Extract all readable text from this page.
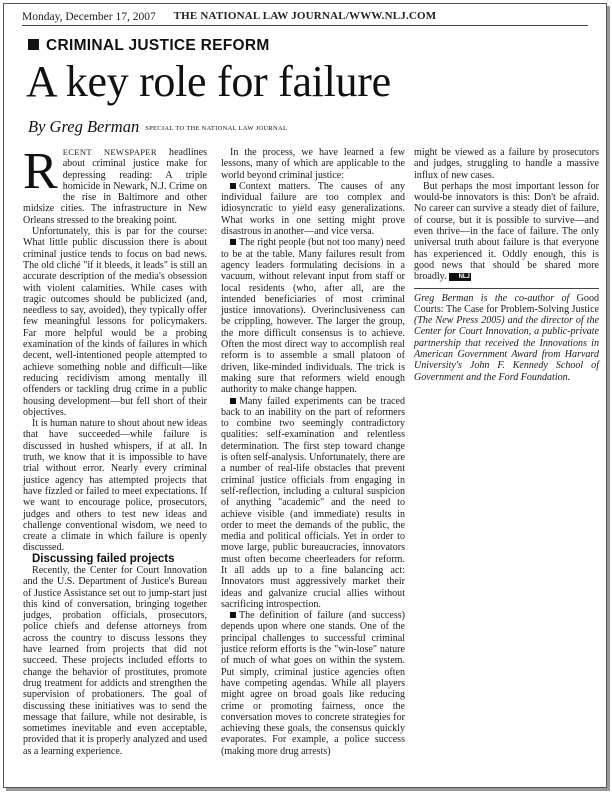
Monday, December 17, 2007	THE NATIONAL LAW JOURNAL/WWW.NLJ.COM
CRIMINAL JUSTICE REFORM
A key role for failure
By Greg Berman SPECIAL TO THE NATIONAL LAW JOURNAL

RECENT NEWSPAPER headlines about criminal justice make for depressing reading: A triple homicide in Newark, N.J. Crime on the rise in Baltimore and other midsize cities. The infrastructure in New Orleans stressed to the breaking point.

Unfortunately, this is par for the course: What little public discussion there is about criminal justice tends to focus on bad news. The old cliché "if it bleeds, it leads" is still an accurate description of the media's obsession with violent calamities. While cases with tragic outcomes should be publicized (and, needless to say, avoided), they typically offer few meaningful lessons for policymakers. Far more helpful would be a probing examination of the kinds of failures in which decent, well-intentioned people attempted to achieve something noble and difficult—like reducing recidivism among mentally ill offenders or tackling drug crime in a public housing development—but fell short of their objectives.

It is human nature to shout about new ideas that have succeeded—while failure is discussed in hushed whispers, if at all. In truth, we know that it is impossible to have trial without error. Nearly every criminal justice agency has attempted projects that have fizzled or failed to meet expectations. If we want to encourage police, prosecutors, judges and others to test new ideas and challenge conventional wisdom, we need to create a climate in which failure is openly discussed.

Discussing failed projects

Recently, the Center for Court Innovation and the U.S. Department of Justice's Bureau of Justice Assistance set out to jump-start just this kind of conversation, bringing together judges, probation officials, prosecutors, police chiefs and defense attorneys from across the country to discuss lessons they have learned from projects that did not succeed. These projects included efforts to change the behavior of prostitutes, promote drug treatment for addicts and strengthen the supervision of probationers. The goal of discussing these initiatives was to send the message that failure, while not desirable, is sometimes inevitable and even acceptable, provided that it is properly analyzed and used as a learning experience.

In the process, we have learned a few lessons, many of which are applicable to the world beyond criminal justice:

Context matters. The causes of any individual failure are too complex and idiosyncratic to yield easy generalizations. What works in one setting might prove disastrous in another—and vice versa.

The right people (but not too many) need to be at the table. Many failures result from agency leaders formulating decisions in a vacuum, without relevant input from staff or local residents (who, after all, are the intended beneficiaries of most criminal justice innovations). Overinclusiveness can be crippling, however. The larger the group, the more difficult consensus is to achieve. Often the most direct way to accomplish real reform is to assemble a small platoon of driven, like-minded individuals. The trick is making sure that reformers wield enough authority to make change happen.

Many failed experiments can be traced back to an inability on the part of reformers to combine two seemingly contradictory qualities: self-examination and relentless determination. The first step toward change is often self-analysis. Unfortunately, there are a number of real-life obstacles that prevent criminal justice officials from engaging in self-reflection, including a cultural suspicion of anything "academic" and the need to achieve visible (and immediate) results in order to meet the demands of the public, the media and political officials. Yet in order to move large, public bureaucracies, innovators must often become cheerleaders for reform. It all adds up to a fine balancing act: Innovators must aggressively market their ideas and galvanize crucial allies without sacrificing introspection.

The definition of failure (and success) depends upon where one stands. One of the principal challenges to successful criminal justice reform efforts is the "win-lose" nature of much of what goes on within the system. Put simply, criminal justice agencies often have competing agendas. While all players might agree on broad goals like reducing crime or promoting fairness, once the conversation moves to concrete strategies for achieving these goals, the consensus quickly evaporates. For example, a police success (making more drug arrests)

might be viewed as a failure by prosecutors and judges, struggling to handle a massive influx of new cases.

But perhaps the most important lesson for would-be innovators is this: Don't be afraid. No career can survive a steady diet of failure, of course, but it is possible to survive—and even thrive—in the face of failure. The only universal truth about failure is that everyone has experienced it. Oddly enough, this is good news that should be shared more broadly. NLJ

Greg Berman is the co-author of Good Courts: The Case for Problem-Solving Justice (The New Press 2005) and the director of the Center for Court Innovation, a public-private partnership that received the Innovations in American Government Award from Harvard University's John F. Kennedy School of Government and the Ford Foundation.
